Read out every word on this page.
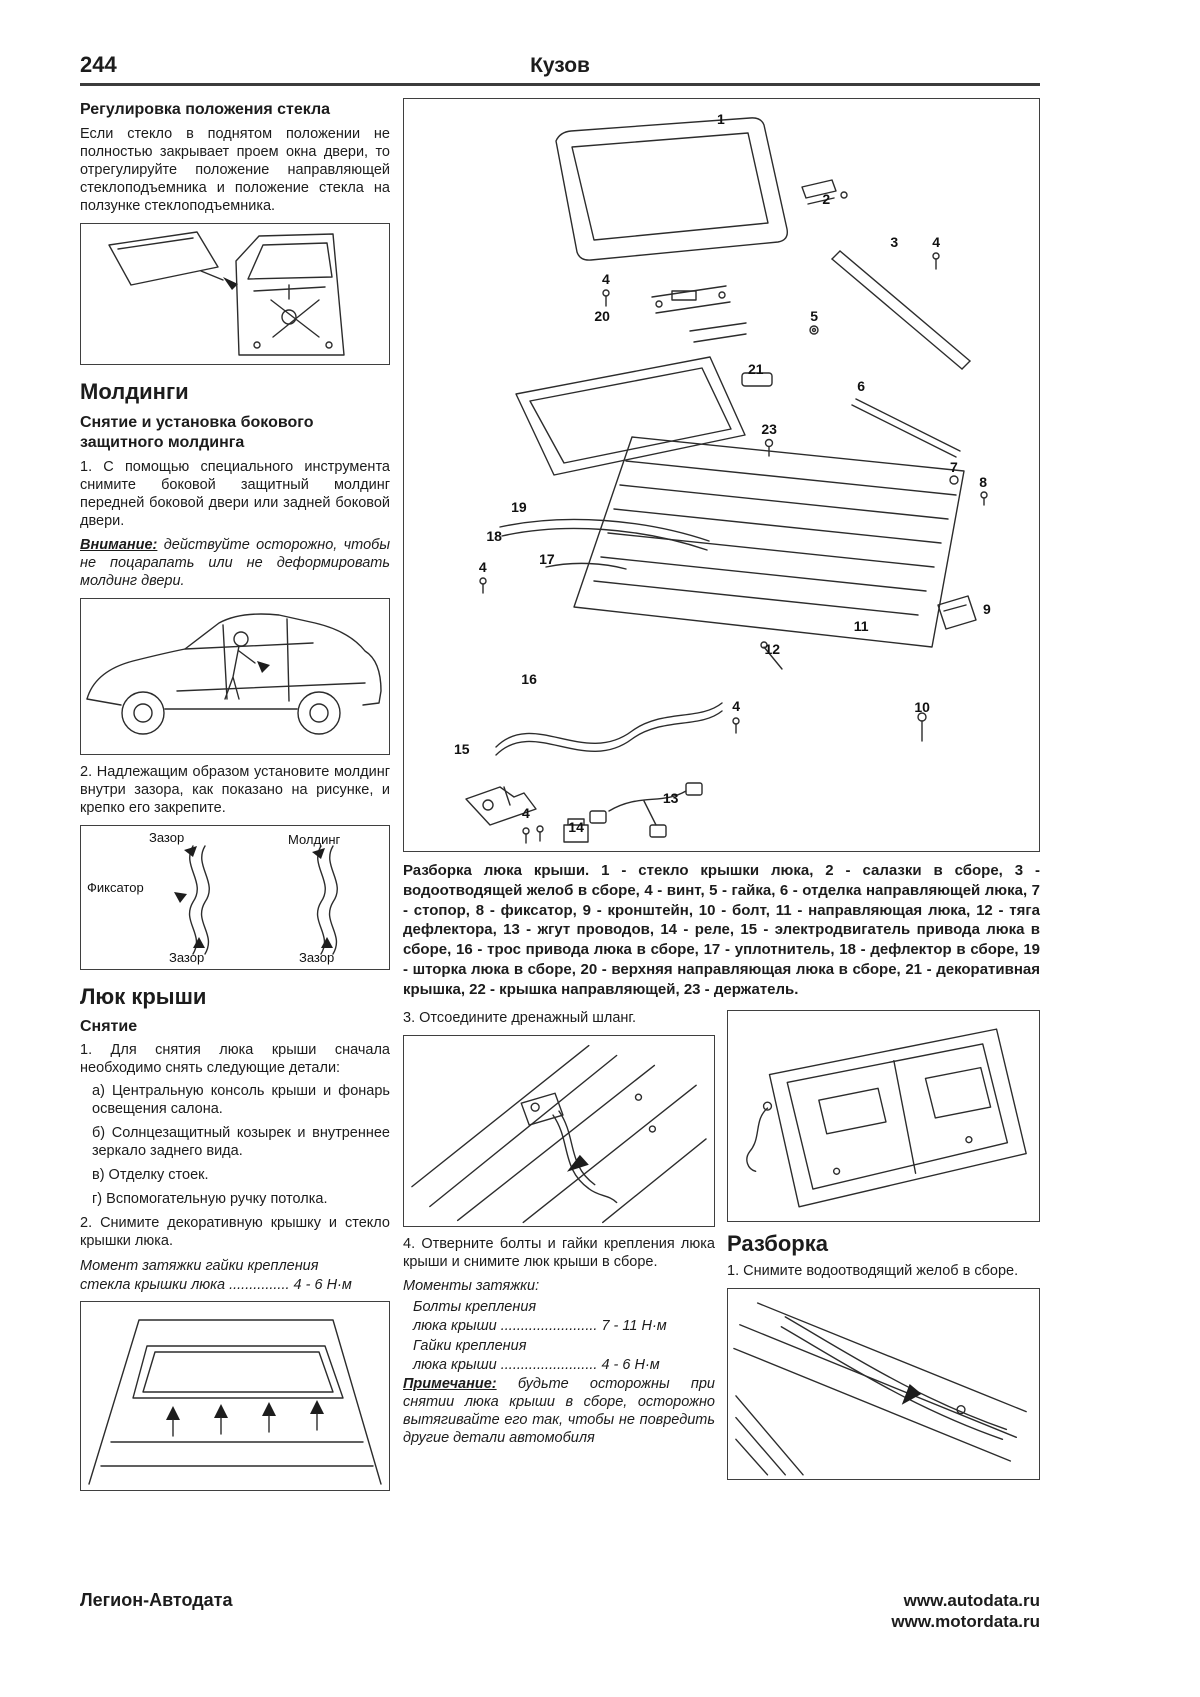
244	Кузов
Регулировка положения стекла

Если стекло в поднятом положении не полностью закрывает проем окна двери, то отрегулируйте положение направляющей стеклоподъемника и положение стекла на ползунке стеклоподъемника.

Молдинги
Снятие и установка бокового защитного молдинга

1. С помощью специального инструмента снимите боковой защитный молдинг передней боковой двери или задней боковой двери.

Внимание: действуйте осторожно, чтобы не поцарапать или не деформировать молдинг двери.

2. Надлежащим образом установите молдинг внутри зазора, как показано на рисунке, и крепко его закрепите.

Зазор	Молдинг
Фиксатор
Зазор	Зазор
Люк крыши
Снятие

1. Для снятия люка крыши сначала необходимо снять следующие детали:

а) Центральную консоль крыши и фонарь освещения салона.

б) Солнцезащитный козырек и внутреннее зеркало заднего вида.

в) Отделку стоек.

г) Вспомогательную ручку потолка.

2. Снимите декоративную крышку и стекло крышки люка.

Момент затяжки гайки крепления
стекла крышки люка ............... 4 - 6 Н·м

1
2
3 4
4
20	5
21
6
23
7
8
19
18
17
4
9
11
12
16
4	10
15
13
4
14

Разборка люка крыши. 1 - стекло крышки люка, 2 - салазки в сборе, 3 - водоотводящей желоб в сборе, 4 - винт, 5 - гайка, 6 - отделка направляющей люка, 7 - стопор, 8 - фиксатор, 9 - кронштейн, 10 - болт, 11 - направляющая люка, 12 - тяга дефлектора, 13 - жгут проводов, 14 - реле, 15 - электродвигатель привода люка в сборе, 16 - трос привода люка в сборе, 17 - уплотнитель, 18 - дефлектор в сборе, 19 - шторка люка в сборе, 20 - верхняя направляющая люка в сборе, 21 - декоративная крышка, 22 - крышка направляющей, 23 - держатель.

3. Отсоедините дренажный шланг.

4. Отверните болты и гайки крепления люка крыши и снимите люк крыши в сборе.

Моменты затяжки:

Болты крепления
люка крыши ........................ 7 - 11 Н·м

Гайки крепления
люка крыши ........................ 4 - 6 Н·м

Примечание: будьте осторожны при снятии люка крыши в сборе, осторожно вытягивайте его так, чтобы не повредить другие детали автомобиля

Разборка

1. Снимите водоотводящий желоб в сборе.

Легион-Автодата	www.autodata.ru
www.motordata.ru
